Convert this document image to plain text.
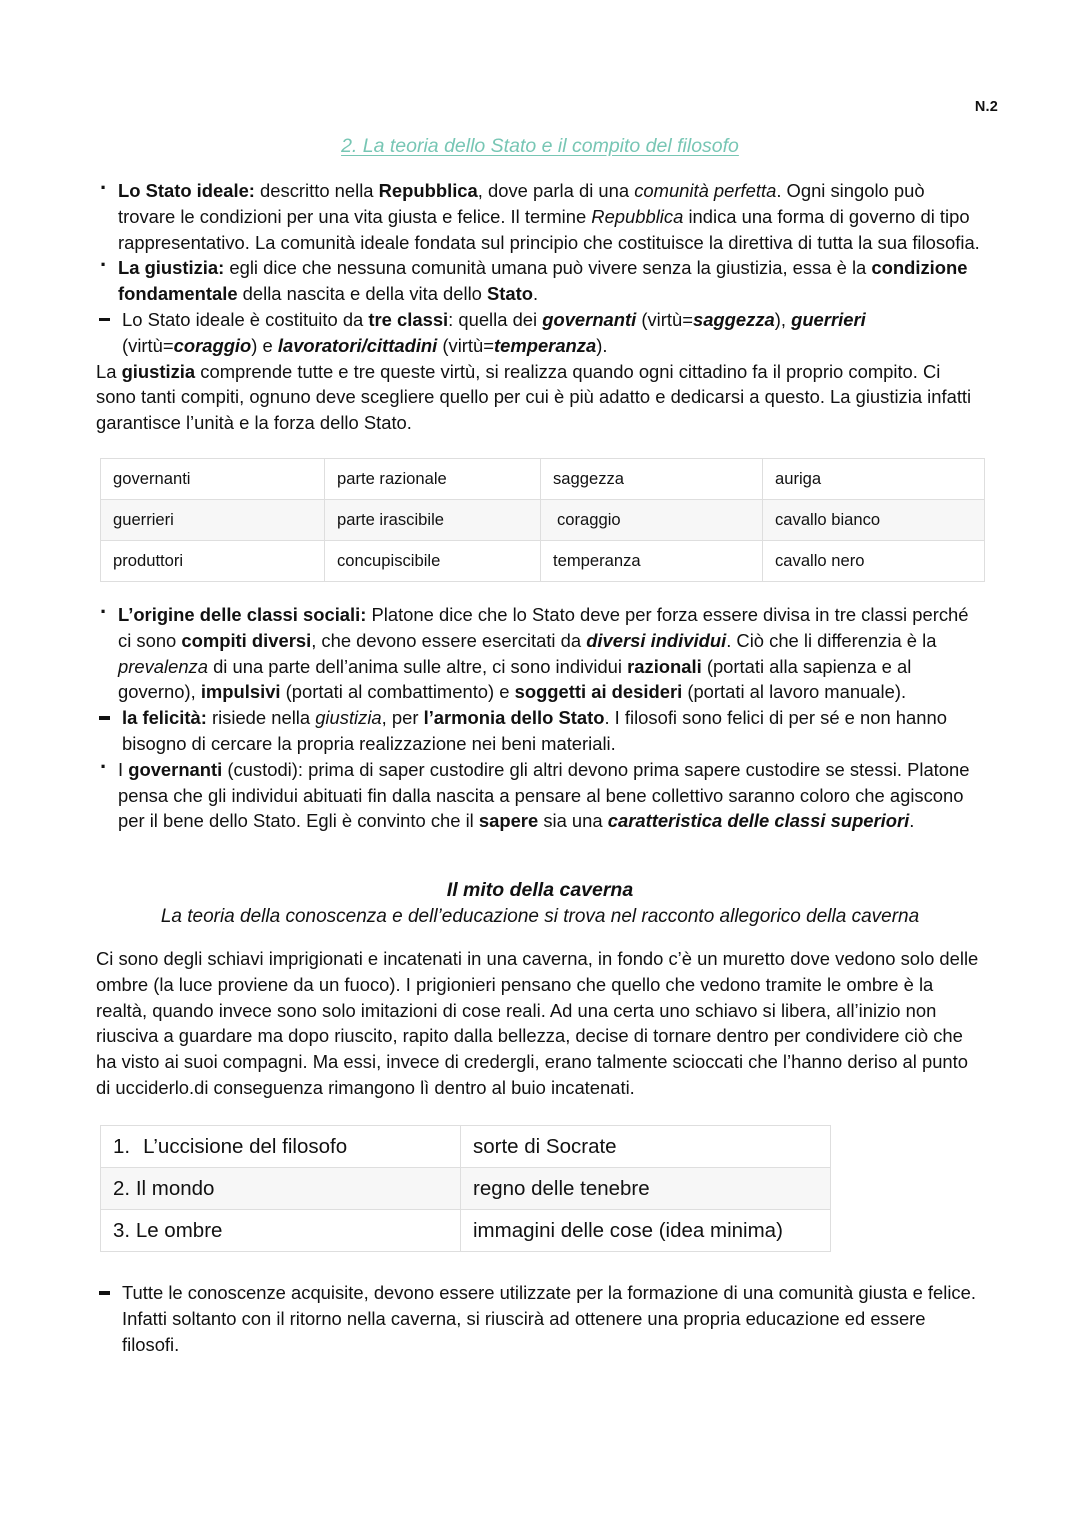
N.2
2. La teoria dello Stato e il compito del filosofo
· Lo Stato ideale: descritto nella Repubblica, dove parla di una comunità perfetta. Ogni singolo può trovare le condizioni per una vita giusta e felice. Il termine Repubblica indica una forma di governo di tipo rappresentativo. La comunità ideale fondata sul principio che costituisce la direttiva di tutta la sua filosofia.
· La giustizia: egli dice che nessuna comunità umana può vivere senza la giustizia, essa è la condizione fondamentale della nascita e della vita dello Stato.
Lo Stato ideale è costituito da tre classi: quella dei governanti (virtù=saggezza), guerrieri (virtù=coraggio) e lavoratori/cittadini (virtù=temperanza).

La giustizia comprende tutte e tre queste virtù, si realizza quando ogni cittadino fa il proprio compito. Ci sono tanti compiti, ognuno deve scegliere quello per cui è più adatto e dedicarsi a questo. La giustizia infatti garantisce l’unità e la forza dello Stato.

governanti	parte razionale	saggezza	auriga
guerrieri	parte irascibile	coraggio	cavallo bianco
produttori	concupiscibile	temperanza	cavallo nero
· L’origine delle classi sociali: Platone dice che lo Stato deve per forza essere divisa in tre classi perché ci sono compiti diversi, che devono essere esercitati da diversi individui. Ciò che li differenzia è la prevalenza di una parte dell’anima sulle altre, ci sono individui razionali (portati alla sapienza e al governo), impulsivi (portati al combattimento) e soggetti ai desideri (portati al lavoro manuale).
la felicità: risiede nella giustizia, per l’armonia dello Stato. I filosofi sono felici di per sé e non hanno bisogno di cercare la propria realizzazione nei beni materiali.
· I governanti (custodi): prima di saper custodire gli altri devono prima sapere custodire se stessi. Platone pensa che gli individui abituati fin dalla nascita a pensare al bene collettivo saranno coloro che agiscono per il bene dello Stato. Egli è convinto che il sapere sia una caratteristica delle classi superiori.
Il mito della caverna
La teoria della conoscenza e dell’educazione si trova nel racconto allegorico della caverna

Ci sono degli schiavi imprigionati e incatenati in una caverna, in fondo c’è un muretto dove vedono solo delle ombre (la luce proviene da un fuoco). I prigionieri pensano che quello che vedono tramite le ombre è la realtà, quando invece sono solo imitazioni di cose reali. Ad una certa uno schiavo si libera, all’inizio non riusciva a guardare ma dopo riuscito, rapito dalla bellezza, decise di tornare dentro per condividere ciò che ha visto ai suoi compagni. Ma essi, invece di credergli, erano talmente scioccati che l’hanno deriso al punto di ucciderlo.di conseguenza rimangono lì dentro al buio incatenati.

1. L’uccisione del filosofo	sorte di Socrate
2. Il mondo	regno delle tenebre
3. Le ombre	immagini delle cose (idea minima)
Tutte le conoscenze acquisite, devono essere utilizzate per la formazione di una comunità giusta e felice. Infatti soltanto con il ritorno nella caverna, si riuscirà ad ottenere una propria educazione ed essere filosofi.
